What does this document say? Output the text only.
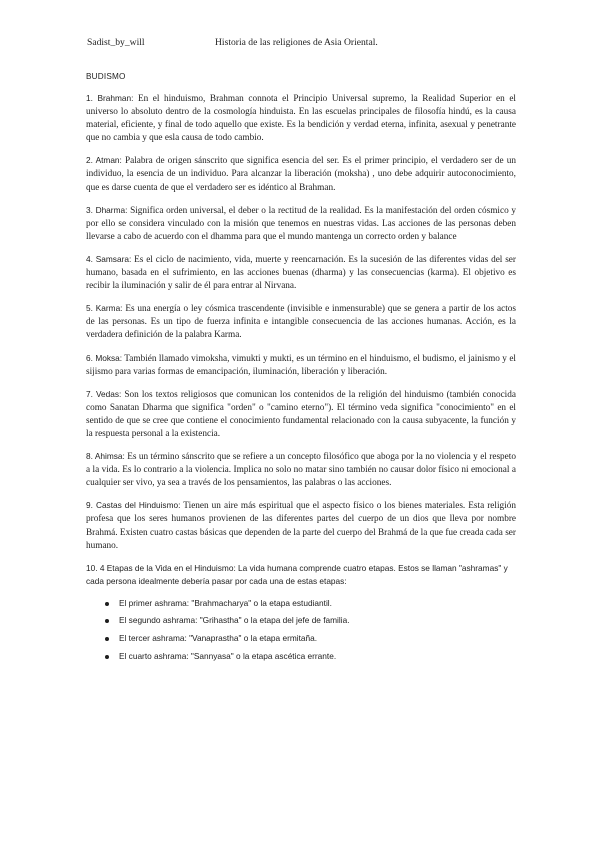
Sadist_by_will	Historia de las religiones de Asia Oriental.
BUDISMO

1. Brahman: En el hinduismo, Brahman connota el Principio Universal supremo, la Realidad Superior en el universo lo absoluto dentro de la cosmología hinduista. En las escuelas principales de filosofía hindú, es la causa material, eficiente, y final de todo aquello que existe. Es la bendición y verdad eterna, infinita, asexual y penetrante que no cambia y que esla causa de todo cambio.

2. Atman: Palabra de origen sánscrito que significa esencia del ser. Es el primer principio, el verdadero ser de un individuo, la esencia de un individuo. Para alcanzar la liberación (moksha) , uno debe adquirir autoconocimiento, que es darse cuenta de que el verdadero ser es idéntico al Brahman.

3. Dharma: Significa orden universal, el deber o la rectitud de la realidad. Es la manifestación del orden cósmico y por ello se considera vinculado con la misión que tenemos en nuestras vidas. Las acciones de las personas deben llevarse a cabo de acuerdo con el dhamma para que el mundo mantenga un correcto orden y balance

4. Samsara: Es el ciclo de nacimiento, vida, muerte y reencarnación. Es la sucesión de las diferentes vidas del ser humano, basada en el sufrimiento, en las acciones buenas (dharma) y las consecuencias (karma). El objetivo es recibir la iluminación y salir de él para entrar al Nirvana.

5. Karma: Es una energía o ley cósmica trascendente (invisible e inmensurable) que se genera a partir de los actos de las personas. Es un tipo de fuerza infinita e intangible consecuencia de las acciones humanas. Acción, es la verdadera definición de la palabra Karma.

6. Moksa: También llamado vimoksha, vimukti y mukti, es un término en el hinduismo, el budismo, el jainismo y el sijismo para varias formas de emancipación, iluminación, liberación y liberación.

7. Vedas: Son los textos religiosos que comunican los contenidos de la religión del hinduismo (también conocida como Sanatan Dharma que significa "orden" o "camino eterno"). El término veda significa "conocimiento" en el sentido de que se cree que contiene el conocimiento fundamental relacionado con la causa subyacente, la función y la respuesta personal a la existencia.

8. Ahimsa: Es un término sánscrito que se refiere a un concepto filosófico que aboga por la no violencia y el respeto a la vida. Es lo contrario a la violencia. Implica no solo no matar sino también no causar dolor físico ni emocional a cualquier ser vivo, ya sea a través de los pensamientos, las palabras o las acciones.

9. Castas del Hinduismo: Tienen un aire más espiritual que el aspecto físico o los bienes materiales. Esta religión profesa que los seres humanos provienen de las diferentes partes del cuerpo de un dios que lleva por nombre Brahmá. Existen cuatro castas básicas que dependen de la parte del cuerpo del Brahmá de la que fue creada cada ser humano.

10. 4 Etapas de la Vida en el Hinduismo: La vida humana comprende cuatro etapas. Estos se llaman "ashramas" y cada persona idealmente debería pasar por cada una de estas etapas:

El primer ashrama: "Brahmacharya" o la etapa estudiantil.
El segundo ashrama: "Grihastha" o la etapa del jefe de familia.
El tercer ashrama: "Vanaprastha" o la etapa ermitaña.
El cuarto ashrama: "Sannyasa" o la etapa ascética errante.
